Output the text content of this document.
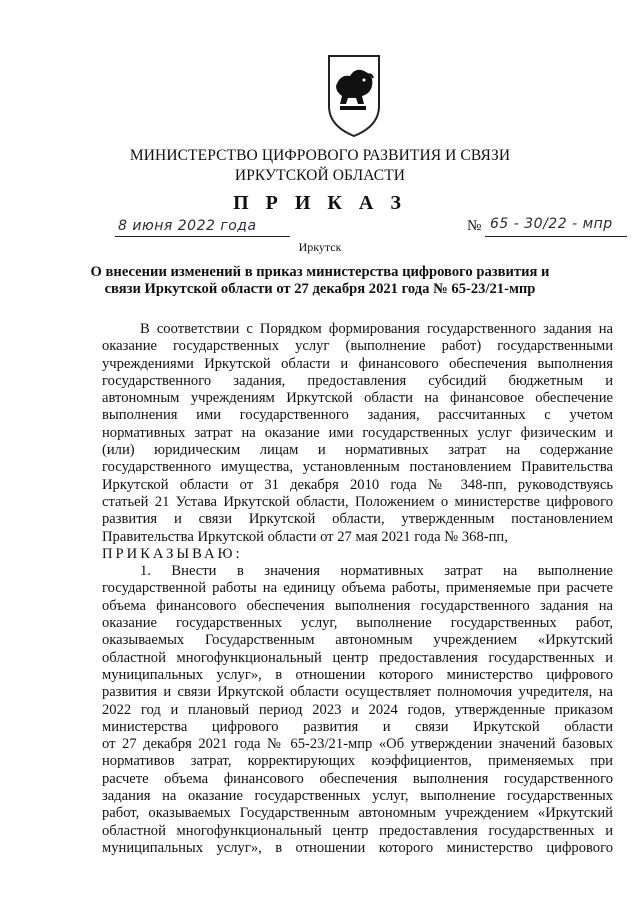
МИНИСТЕРСТВО ЦИФРОВОГО РАЗВИТИЯ И СВЯЗИ
ИРКУТСКОЙ ОБЛАСТИ
П Р И К А З
8 июня 2022 года	№ 65 - 30/22 - мпр
Иркутск
О внесении изменений в приказ министерства цифрового развития и
связи Иркутской области от 27 декабря 2021 года № 65-23/21-мпр
В соответствии с Порядком формирования государственного задания на
оказание государственных услуг (выполнение работ) государственными
учреждениями Иркутской области и финансового обеспечения выполнения
государственного задания, предоставления субсидий бюджетным и
автономным учреждениям Иркутской области на финансовое обеспечение
выполнения ими государственного задания, рассчитанных с учетом
нормативных затрат на оказание ими государственных услуг физическим и
(или) юридическим лицам и нормативных затрат на содержание
государственного имущества, установленным постановлением Правительства
Иркутской области от 31 декабря 2010 года № 348-пп, руководствуясь
статьей 21 Устава Иркутской области, Положением о министерстве цифрового
развития и связи Иркутской области, утвержденным постановлением
Правительства Иркутской области от 27 мая 2021 года № 368-пп,
ПРИКАЗЫВАЮ:
1. Внести в значения нормативных затрат на выполнение
государственной работы на единицу объема работы, применяемые при расчете
объема финансового обеспечения выполнения государственного задания на
оказание государственных услуг, выполнение государственных работ,
оказываемых Государственным автономным учреждением «Иркутский
областной многофункциональный центр предоставления государственных и
муниципальных услуг», в отношении которого министерство цифрового
развития и связи Иркутской области осуществляет полномочия учредителя, на
2022 год и плановый период 2023 и 2024 годов, утвержденные приказом
министерства цифрового развития и связи Иркутской области
от 27 декабря 2021 года № 65-23/21-мпр «Об утверждении значений базовых
нормативов затрат, корректирующих коэффициентов, применяемых при
расчете объема финансового обеспечения выполнения государственного
задания на оказание государственных услуг, выполнение государственных
работ, оказываемых Государственным автономным учреждением «Иркутский
областной многофункциональный центр предоставления государственных и
муниципальных услуг», в отношении которого министерство цифрового
